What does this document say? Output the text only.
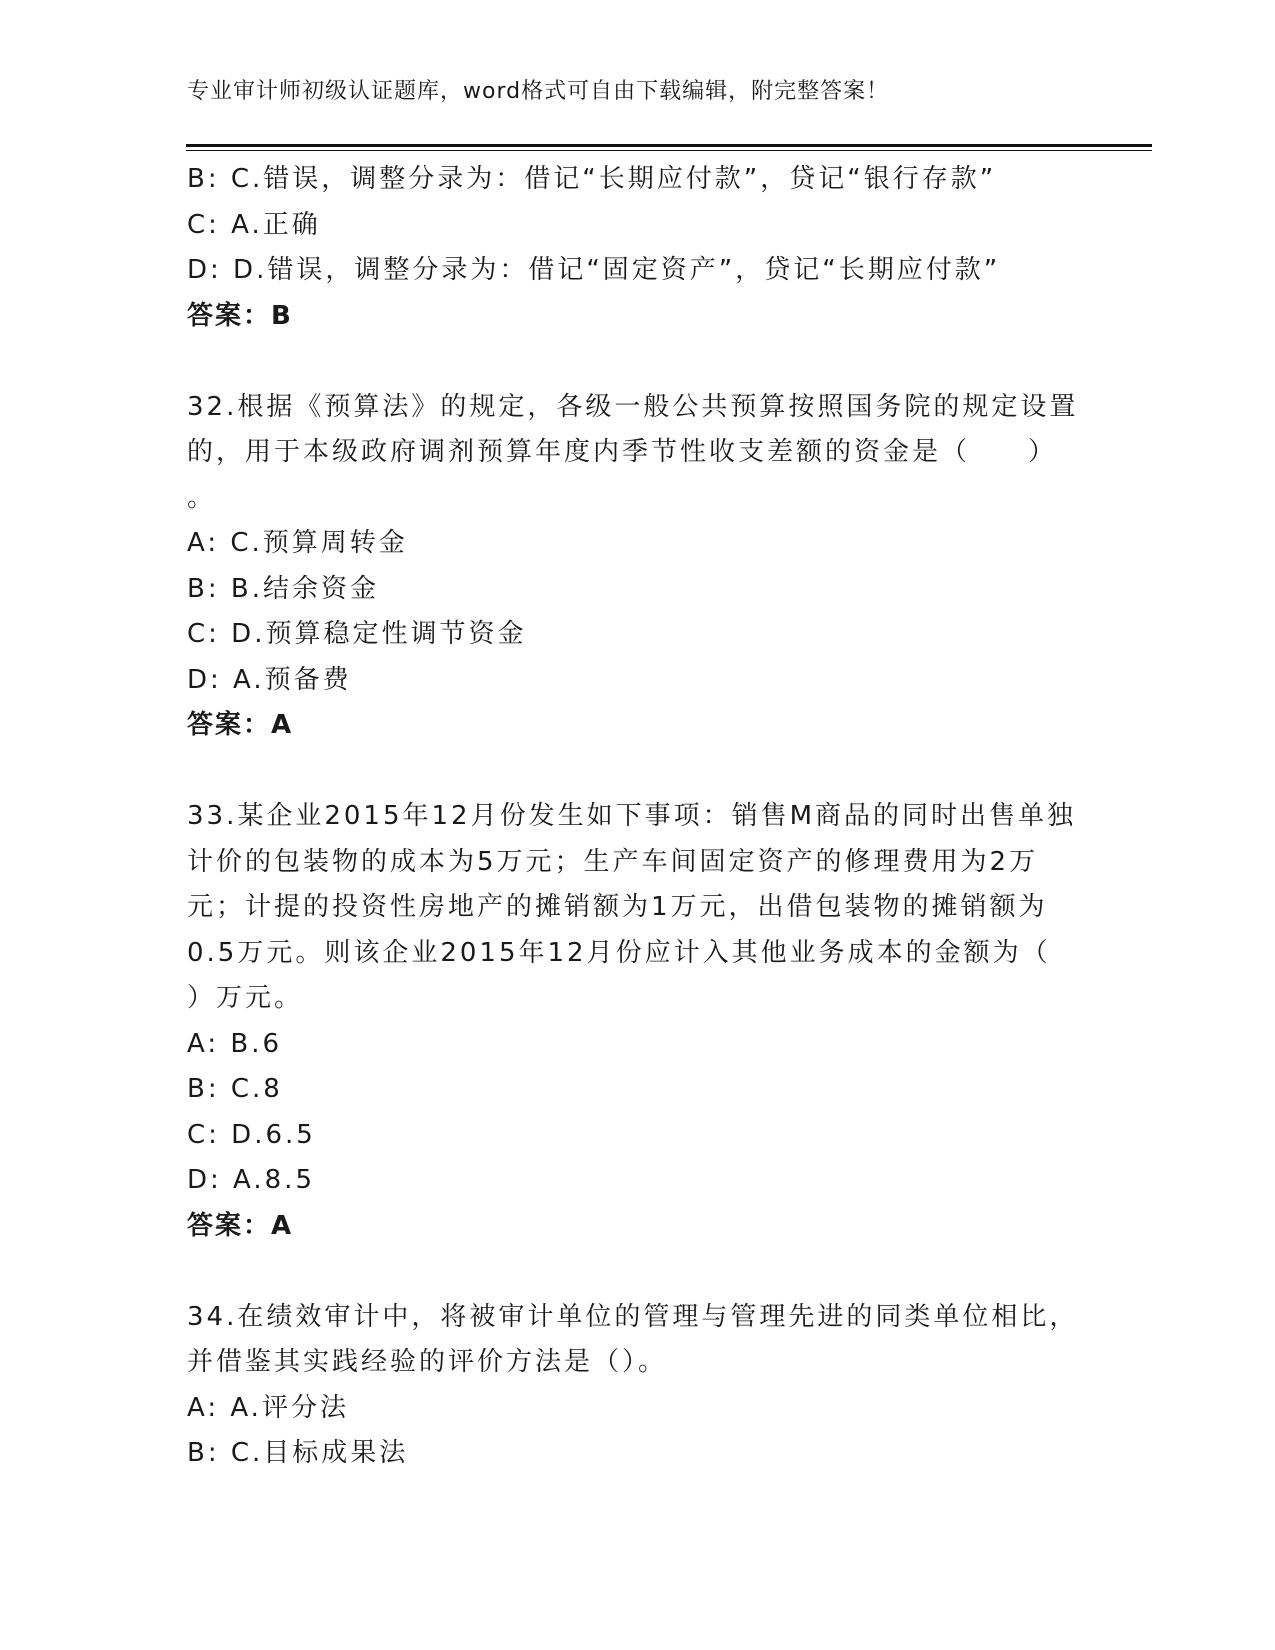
专业审计师初级认证题库，word格式可自由下载编辑，附完整答案！
B: C.错误，调整分录为：借记“长期应付款”，贷记“银行存款”
C: A.正确
D: D.错误，调整分录为：借记“固定资产”，贷记“长期应付款”
答案：B
32.根据《预算法》的规定，各级一般公共预算按照国务院的规定设置
的，用于本级政府调剂预算年度内季节性收支差额的资金是（　　）
。
A: C.预算周转金
B: B.结余资金
C: D.预算稳定性调节资金
D: A.预备费
答案：A
33.某企业2015年12月份发生如下事项：销售M商品的同时出售单独
计价的包装物的成本为5万元；生产车间固定资产的修理费用为2万
元；计提的投资性房地产的摊销额为1万元，出借包装物的摊销额为
0.5万元。则该企业2015年12月份应计入其他业务成本的金额为（
）万元。
A: B.6
B: C.8
C: D.6.5
D: A.8.5
答案：A
34.在绩效审计中，将被审计单位的管理与管理先进的同类单位相比，
并借鉴其实践经验的评价方法是（）。
A: A.评分法
B: C.目标成果法
